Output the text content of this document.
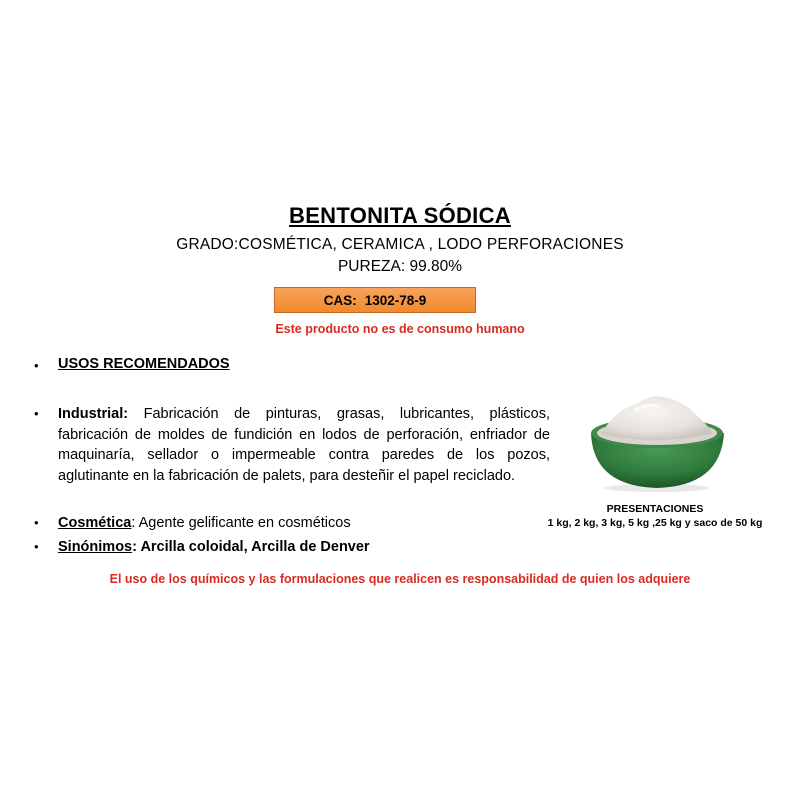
BENTONITA SÓDICA
GRADO:COSMÉTICA, CERAMICA , LODO PERFORACIONES
PUREZA: 99.80%
CAS: 1302-78-9
Este producto no es de consumo humano
• USOS RECOMENDADOS
• Industrial: Fabricación de pinturas, grasas, lubricantes, plásticos, fabricación de moldes de fundición en lodos de perforación, enfriador de maquinaría, sellador o impermeable contra paredes de los pozos, aglutinante en la fabricación de palets, para desteñir el papel reciclado.
• Cosmética: Agente gelificante en cosméticos
• Sinónimos: Arcilla coloidal, Arcilla de Denver
PRESENTACIONES
1 kg, 2 kg, 3 kg, 5 kg ,25 kg y saco de 50 kg
El uso de los químicos y las formulaciones que realicen es responsabilidad de quien los adquiere
